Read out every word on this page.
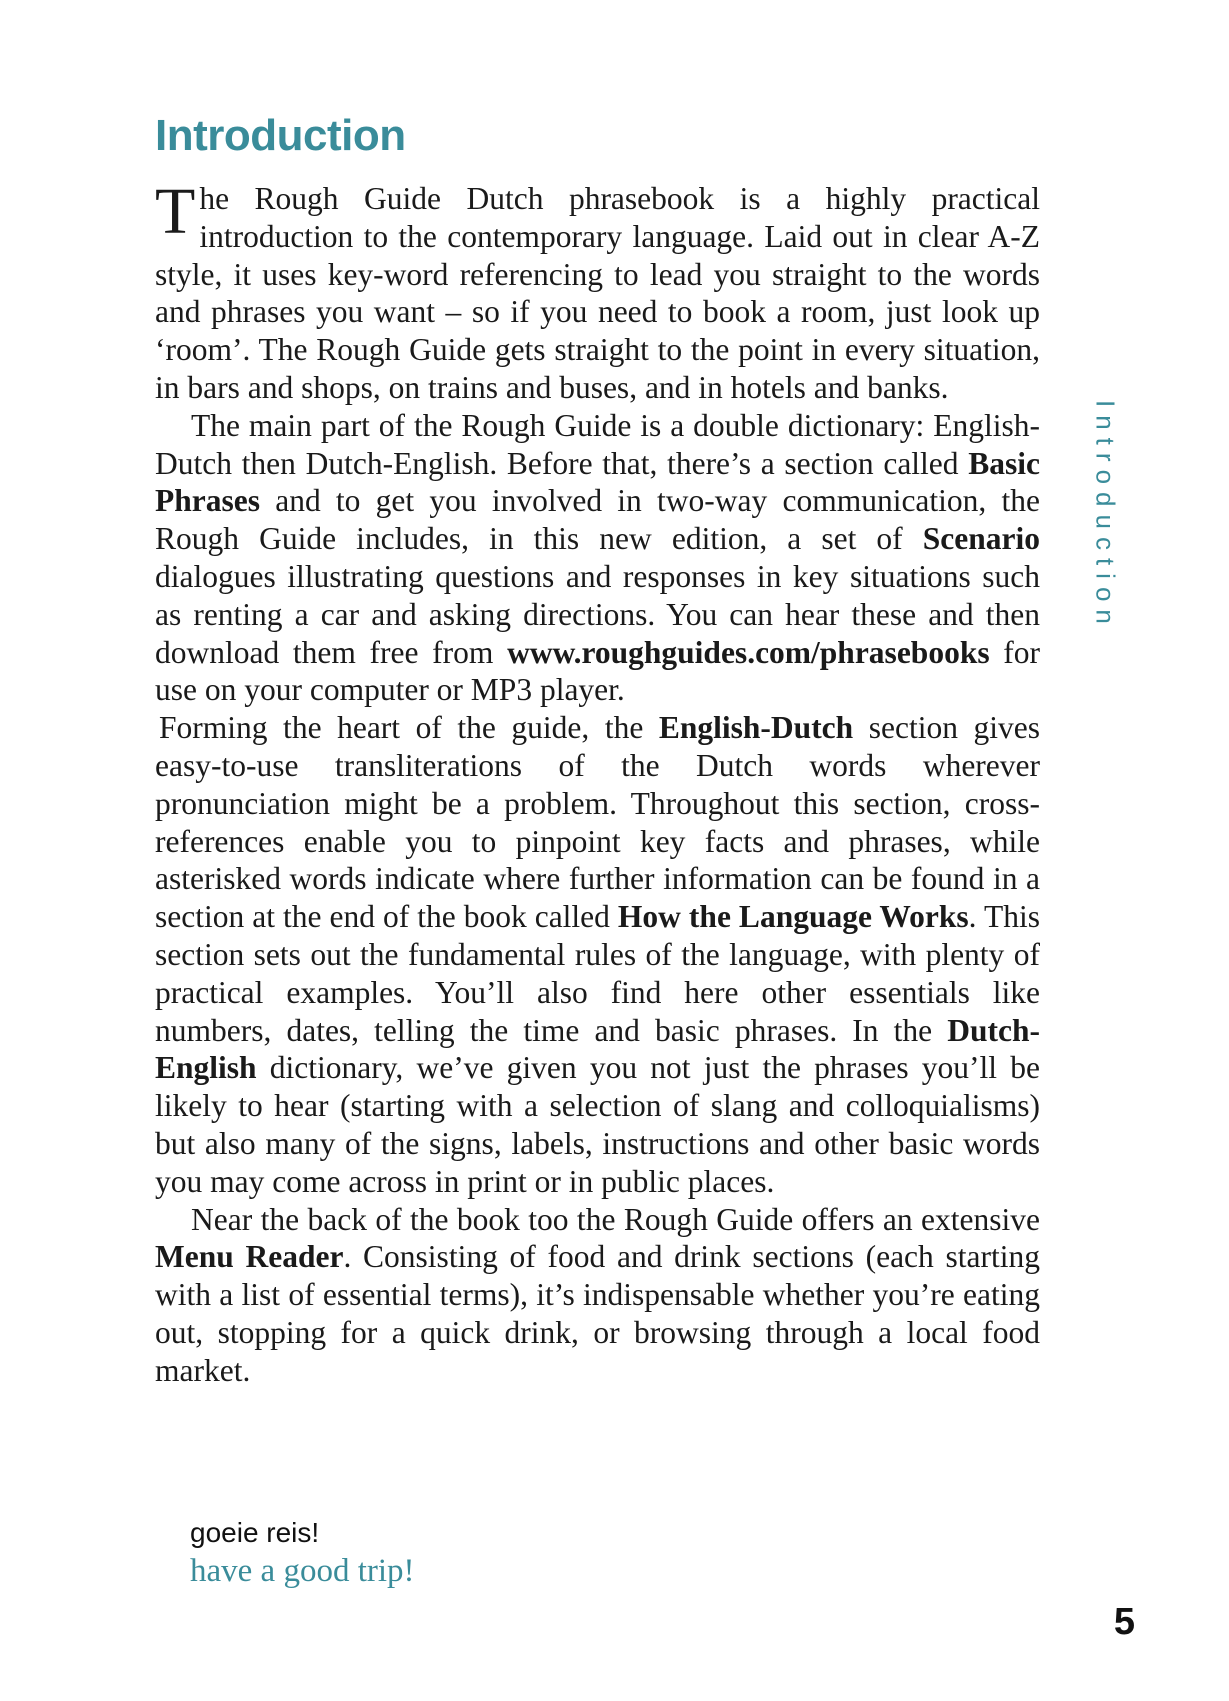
Introduction

The Rough Guide Dutch phrasebook is a highly practical introduction to the contemporary language. Laid out in clear A-Z style, it uses key-word referencing to lead you straight to the words and phrases you want – so if you need to book a room, just look up ‘room’. The Rough Guide gets straight to the point in every situation, in bars and shops, on trains and buses, and in hotels and banks.

The main part of the Rough Guide is a double dictionary: English-Dutch then Dutch-English. Before that, there’s a section called Basic Phrases and to get you involved in two-way communication, the Rough Guide includes, in this new edition, a set of Scenario dialogues illustrating questions and responses in key situations such as renting a car and asking directions. You can hear these and then download them free from www.roughguides.com/phrasebooks for use on your computer or MP3 player.

Forming the heart of the guide, the English-Dutch section gives easy-to-use transliterations of the Dutch words wherever pronunciation might be a problem. Throughout this section, cross-references enable you to pinpoint key facts and phrases, while asterisked words indicate where further information can be found in a section at the end of the book called How the Language Works. This section sets out the fundamental rules of the language, with plenty of practical examples. You’ll also find here other essentials like numbers, dates, telling the time and basic phrases. In the Dutch-English dictionary, we’ve given you not just the phrases you’ll be likely to hear (starting with a selection of slang and colloquialisms) but also many of the signs, labels, instructions and other basic words you may come across in print or in public places.

Near the back of the book too the Rough Guide offers an extensive Menu Reader. Consisting of food and drink sections (each starting with a list of essential terms), it’s indispensable whether you’re eating out, stopping for a quick drink, or browsing through a local food market.

goeie reis!
have a good trip!
Introduction
5
